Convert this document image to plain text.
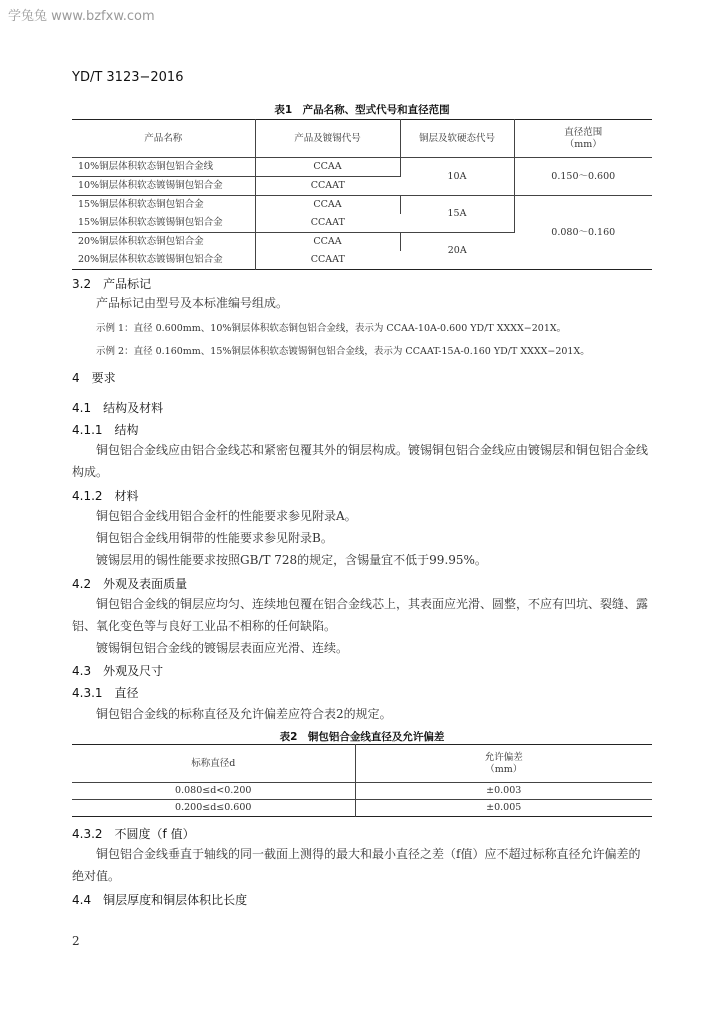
学兔兔 www.bzfxw.com
YD/T 3123−2016
表1　产品名称、型式代号和直径范围
产品名称	产品及镀锡代号	铜层及软硬态代号	直径范围
（mm）

10%铜层体积软态铜包铝合金线	CCAA	10A	0.150～0.600
10%铜层体积软态镀锡铜包铝合金	CCAAT		
15%铜层体积软态铜包铝合金	CCAA	15A	0.080～0.160
15%铜层体积软态镀锡铜包铝合金	CCAAT		
20%铜层体积软态铜包铝合金	CCAA	20A	
20%铜层体积软态镀锡铜包铝合金	CCAAT		
3.2　产品标记
产品标记由型号及本标准编号组成。
示例 1：直径 0.600mm、10%铜层体积软态铜包铝合金线，表示为 CCAA-10A-0.600 YD/T XXXX−201X。
示例 2：直径 0.160mm、15%铜层体积软态镀锡铜包铝合金线，表示为 CCAAT-15A-0.160 YD/T XXXX−201X。
4　要求
4.1　结构及材料
4.1.1　结构
铜包铝合金线应由铝合金线芯和紧密包覆其外的铜层构成。镀锡铜包铝合金线应由镀锡层和铜包铝合金线构成。
4.1.2　材料
铜包铝合金线用铝合金杆的性能要求参见附录A。
铜包铝合金线用铜带的性能要求参见附录B。
镀锡层用的锡性能要求按照GB/T 728的规定，含锡量宜不低于99.95%。
4.2　外观及表面质量
铜包铝合金线的铜层应均匀、连续地包覆在铝合金线芯上，其表面应光滑、圆整，不应有凹坑、裂缝、露铝、氧化变色等与良好工业品不相称的任何缺陷。
镀锡铜包铝合金线的镀锡层表面应光滑、连续。
4.3　外观及尺寸
4.3.1　直径
铜包铝合金线的标称直径及允许偏差应符合表2的规定。
表2　铜包铝合金线直径及允许偏差
标称直径d	允许偏差
（mm）

0.080≤d<0.200	±0.003
0.200≤d≤0.600	±0.005
4.3.2　不圆度（f 值）
铜包铝合金线垂直于轴线的同一截面上测得的最大和最小直径之差（f值）应不超过标称直径允许偏差的绝对值。
4.4　铜层厚度和铜层体积比长度
2
